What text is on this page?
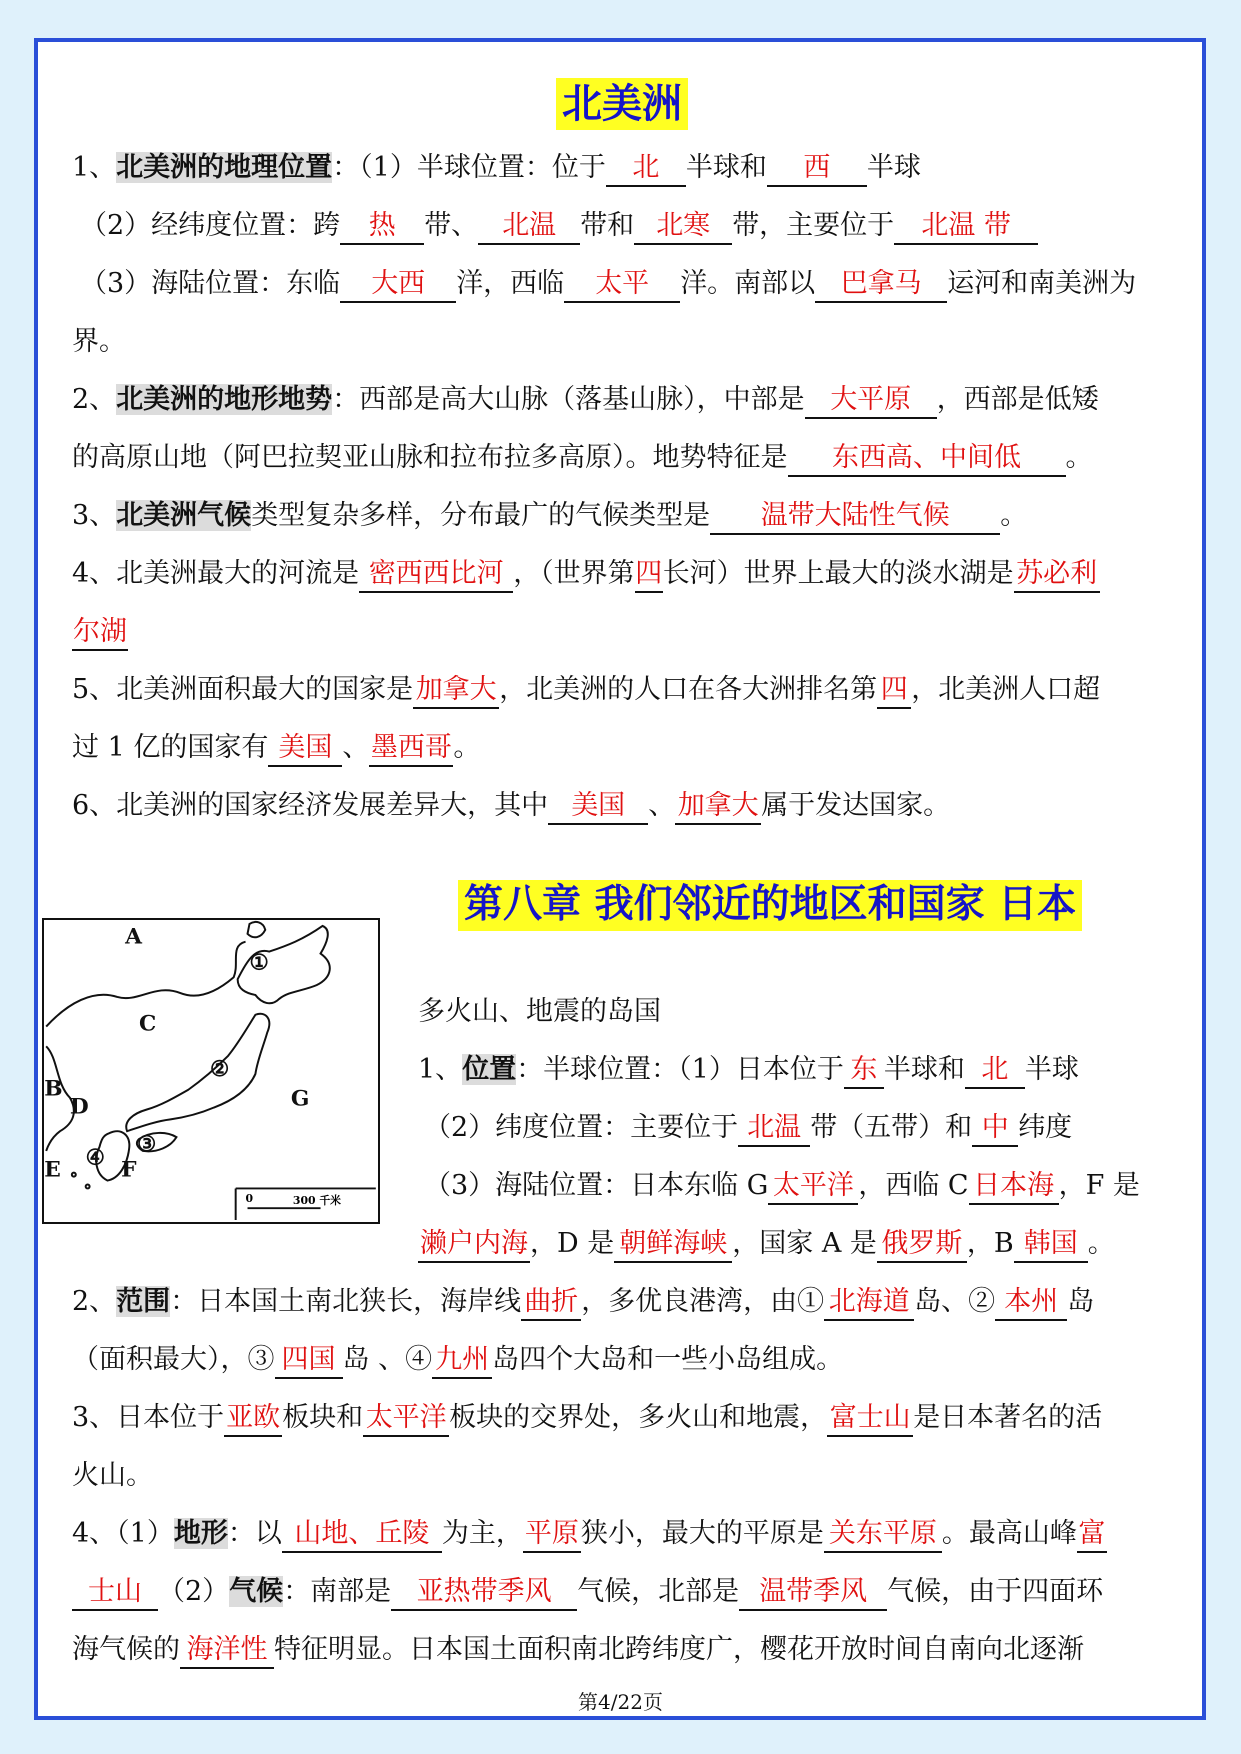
北美洲
1、北美洲的地理位置：（1）半球位置：位于 北 半球和 西 半球
（2）经纬度位置：跨 热 带、 北温 带和 北寒 带，主要位于 北温 带
（3）海陆位置：东临 大西 洋，西临 太平 洋。南部以 巴拿马 运河和南美洲为
界。
2、北美洲的地形地势：西部是高大山脉（落基山脉），中部是 大平原 ，西部是低矮
的高原山地（阿巴拉契亚山脉和拉布拉多高原）。地势特征是 东西高、中间低 。
3、北美洲气候类型复杂多样，分布最广的气候类型是 温带大陆性气候 。
4、北美洲最大的河流是 密西西比河 ，（世界第四长河）世界上最大的淡水湖是苏必利
尔湖
5、北美洲面积最大的国家是加拿大，北美洲的人口在各大洲排名第 四 ，北美洲人口超
过 1 亿的国家有 美国 、墨西哥。
6、北美洲的国家经济发展差异大，其中 美国 、加拿大属于发达国家。
第八章 我们邻近的地区和国家 日本
A
C
B
D
E	F
G
①
②
③
④
0	300 千米
多火山、地震的岛国
1、位置：半球位置：（1）日本位于 东 半球和 北 半球
（2）纬度位置：主要位于 北温 带（五带）和 中 纬度
（3）海陆位置：日本东临 G 太平洋 ，西临 C 日本海 ，F 是
濑户内海，D 是 朝鲜海峡 ，国家 A 是 俄罗斯 ，B 韩国 。
2、范围：日本国土南北狭长，海岸线 曲折 ，多优良港湾，由① 北海道 岛、② 本州 岛
（面积最大），③ 四国 岛 、④ 九州 岛四个大岛和一些小岛组成。
3、日本位于亚欧板块和太平洋板块的交界处，多火山和地震，富士山是日本著名的活
火山。
4、（1）地形：以 山地、丘陵 为主，平原狭小，最大的平原是 关东平原 。最高山峰富
士山 （2）气候：南部是 亚热带季风 气候，北部是 温带季风 气候，由于四面环
海气候的 海洋性 特征明显。日本国土面积南北跨纬度广，樱花开放时间自南向北逐渐
第4/22页
